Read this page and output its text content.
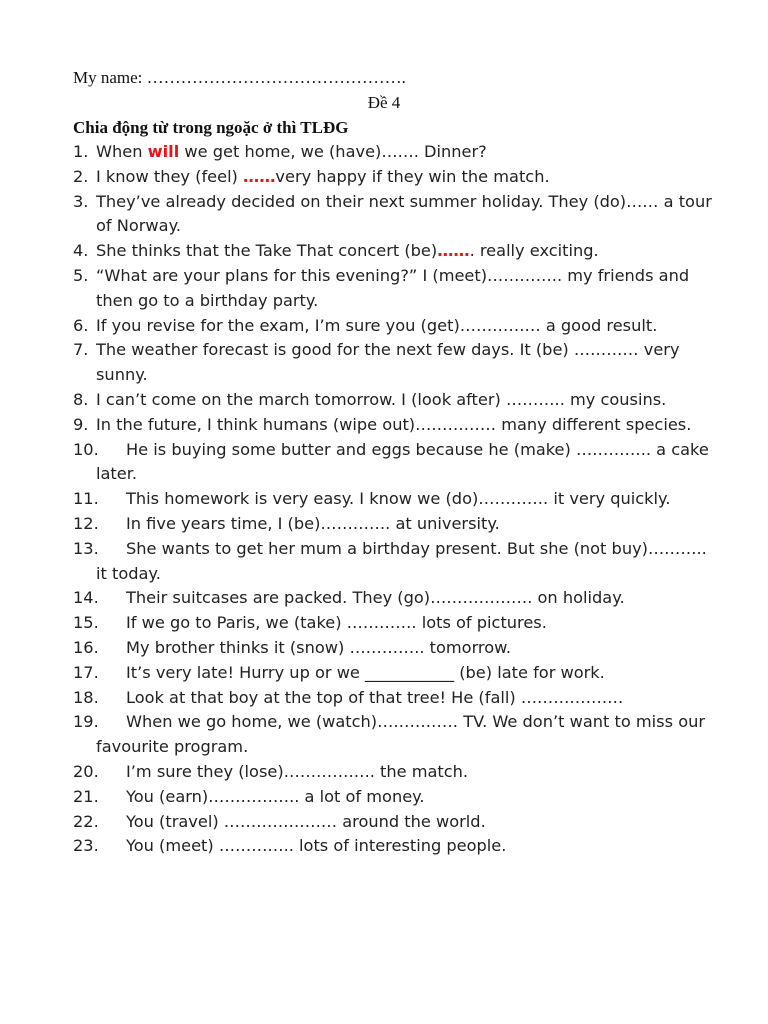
My name: ……………………………………….
Đề 4
Chia động từ trong ngoặc ở thì TLĐG
1. When will we get home, we (have)……. Dinner?
2. I know they (feel) ……very happy if they win the match.
3. They’ve already decided on their next summer holiday. They (do)…… a tour of Norway.
4. She thinks that the Take That concert (be)……. really exciting.
5. “What are your plans for this evening?” I (meet)………….. my friends and then go to a birthday party.
6. If you revise for the exam, I’m sure you (get)…………… a good result.
7. The weather forecast is good for the next few days. It (be) ………… very sunny.
8. I can’t come on the march tomorrow. I (look after) ……….. my cousins.
9. In the future, I think humans (wipe out)…………… many different species.
10. He is buying some butter and eggs because he (make) ………….. a cake later.
11. This homework is very easy. I know we (do)…………. it very quickly.
12. In five years time, I (be)…………. at university.
13. She wants to get her mum a birthday present. But she (not buy)……….. it today.
14. Their suitcases are packed. They (go)………………. on holiday.
15. If we go to Paris, we (take) …………. lots of pictures.
16. My brother thinks it (snow) ………….. tomorrow.
17. It’s very late! Hurry up or we ___________ (be) late for work.
18. Look at that boy at the top of that tree! He (fall) ……………….
19. When we go home, we (watch)…………… TV. We don’t want to miss our favourite program.
20. I’m sure they (lose)…………….. the match.
21. You (earn)…………….. a lot of money.
22. You (travel) ………………… around the world.
23. You (meet) ………….. lots of interesting people.
